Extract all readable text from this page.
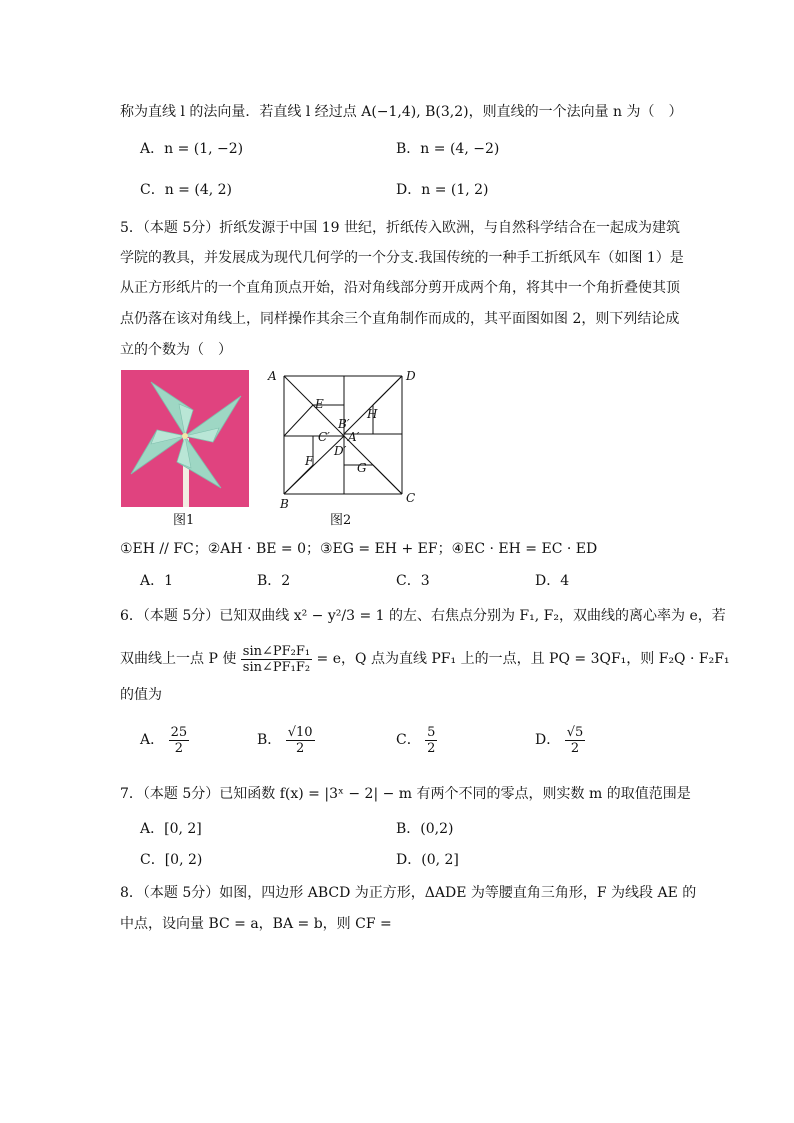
称为直线 l 的法向量．若直线 l 经过点 A(−1,4), B(3,2)，则直线的一个法向量 n 为（　）
A．n = (1, −2)	B．n = (4, −2)
C．n = (4, 2)	D．n = (1, 2)
5．（本题 5分）折纸发源于中国 19 世纪，折纸传入欧洲，与自然科学结合在一起成为建筑
学院的教具，并发展成为现代几何学的一个分支.我国传统的一种手工折纸风车（如图 1）是
从正方形纸片的一个直角顶点开始，沿对角线部分剪开成两个角，将其中一个角折叠使其顶
点仍落在该对角线上，同样操作其余三个直角制作而成的，其平面图如图 2，则下列结论成
立的个数为（　）
A	D
E
H
B′
C′ A′
D′
F	G
B	C
图1	图2
①EH // FC；②AH · BE = 0；③EG = EH + EF；④EC · EH = EC · ED
A．1	B．2	C．3	D．4
6．（本题 5分）已知双曲线 x² − y²/3 = 1 的左、右焦点分别为 F₁, F₂，双曲线的离心率为 e，若
双曲线上一点 P 使 $\frac{\text{sin∠PF₂F₁}}{\text{sin∠PF₁F₂}} = e$，Q 点为直线 PF₁ 上的一点，且 PQ = 3QF₁，则 F₂Q · F₂F₁
的值为
A． $\frac{25}{2}$	B． $\frac{√10}{2}$	C． $\frac{5}{2}$	D． $\frac{√5}{2}$
7．（本题 5分）已知函数 f(x) = |3ˣ − 2| − m 有两个不同的零点，则实数 m 的取值范围是
A．[0, 2]	B．(0,2)
C．[0, 2)	D．(0, 2]
8．（本题 5分）如图，四边形 ABCD 为正方形，ΔADE 为等腰直角三角形，F 为线段 AE 的
中点，设向量 BC = a，BA = b，则 CF =
